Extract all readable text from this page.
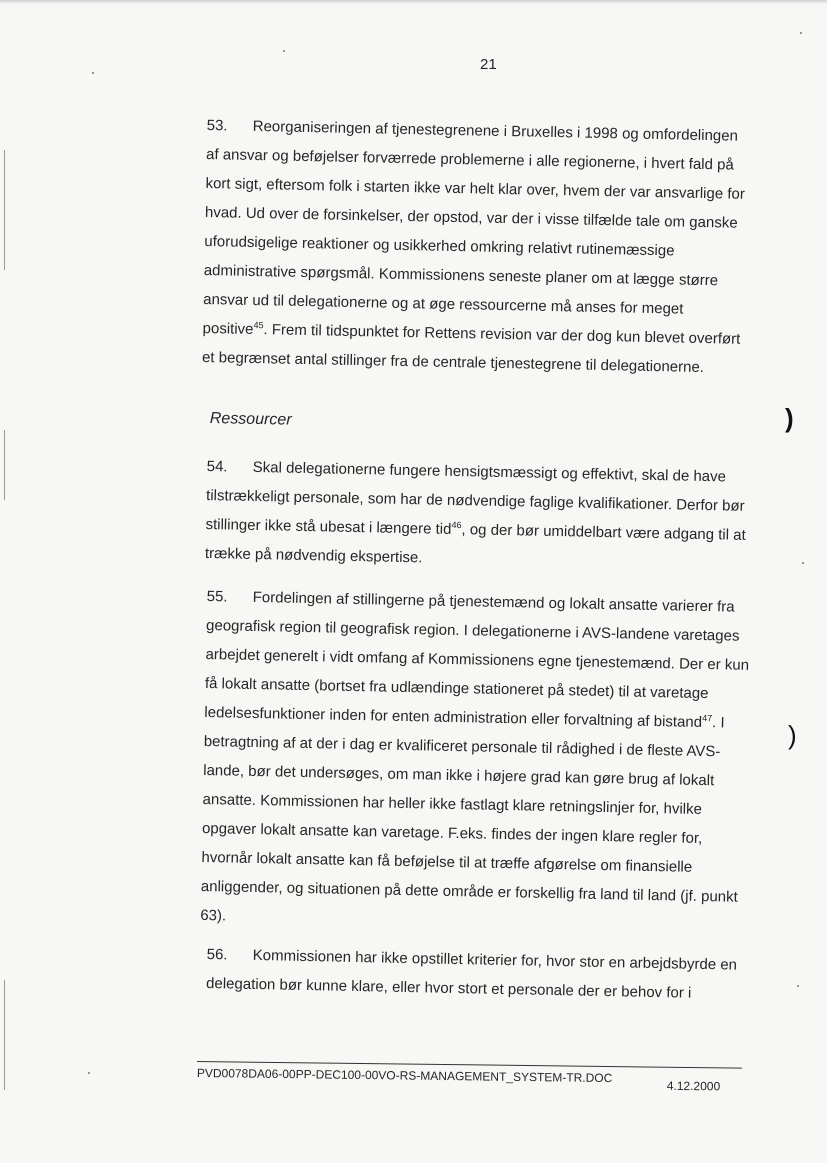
21
53. Reorganiseringen af tjenestegrenene i Bruxelles i 1998 og omfordelingen af ansvar og beføjelser forværrede problemerne i alle regionerne, i hvert fald på kort sigt, eftersom folk i starten ikke var helt klar over, hvem der var ansvarlige for hvad. Ud over de forsinkelser, der opstod, var der i visse tilfælde tale om ganske uforudsigelige reaktioner og usikkerhed omkring relativt rutinemæssige administrative spørgsmål. Kommissionens seneste planer om at lægge større ansvar ud til delegationerne og at øge ressourcerne må anses for meget positive$^{45}$. Frem til tidspunktet for Rettens revision var der dog kun blevet overført et begrænset antal stillinger fra de centrale tjenestegrene til delegationerne.
Ressourcer
54. Skal delegationerne fungere hensigtsmæssigt og effektivt, skal de have tilstrækkeligt personale, som har de nødvendige faglige kvalifikationer. Derfor bør stillinger ikke stå ubesat i længere tid$^{46}$, og der bør umiddelbart være adgang til at trække på nødvendig ekspertise.
55. Fordelingen af stillingerne på tjenestemænd og lokalt ansatte varierer fra geografisk region til geografisk region. I delegationerne i AVS-landene varetages arbejdet generelt i vidt omfang af Kommissionens egne tjenestemænd. Der er kun få lokalt ansatte (bortset fra udlændinge stationeret på stedet) til at varetage ledelsesfunktioner inden for enten administration eller forvaltning af bistand$^{47}$. I betragtning af at der i dag er kvalificeret personale til rådighed i de fleste AVS-lande, bør det undersøges, om man ikke i højere grad kan gøre brug af lokalt ansatte. Kommissionen har heller ikke fastlagt klare retningslinjer for, hvilke opgaver lokalt ansatte kan varetage. F.eks. findes der ingen klare regler for, hvornår lokalt ansatte kan få beføjelse til at træffe afgørelse om finansielle anliggender, og situationen på dette område er forskellig fra land til land (jf. punkt 63).
56. Kommissionen har ikke opstillet kriterier for, hvor stor en arbejdsbyrde en delegation bør kunne klare, eller hvor stort et personale der er behov for i
)
)
PVD0078DA06-00PP-DEC100-00VO-RS-MANAGEMENT_SYSTEM-TR.DOC
4.12.2000
